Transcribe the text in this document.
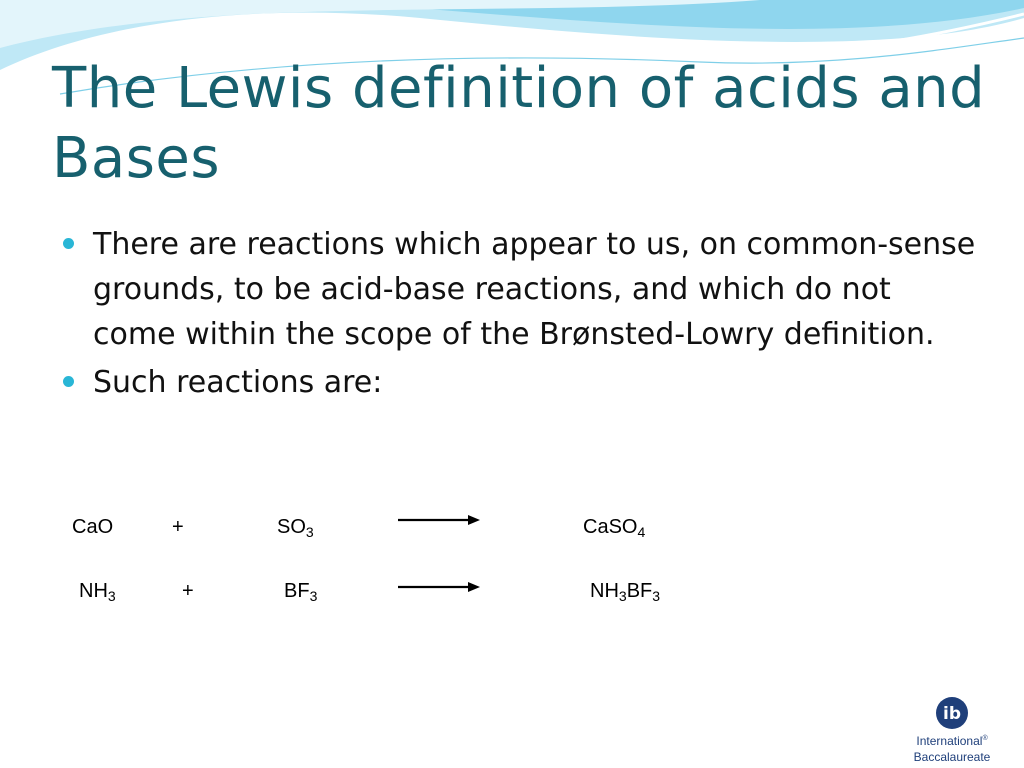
The Lewis definition of acids and Bases
There are reactions which appear to us, on common-sense grounds, to be acid-base reactions, and which do not come within the scope of the Brønsted-Lowry definition.
Such reactions are:
CaO	+	$SO_3$	CaSO$_4$
$NH_3$	+	$BF_3$	$NH_3BF_3$
ib
International®
Baccalaureate
